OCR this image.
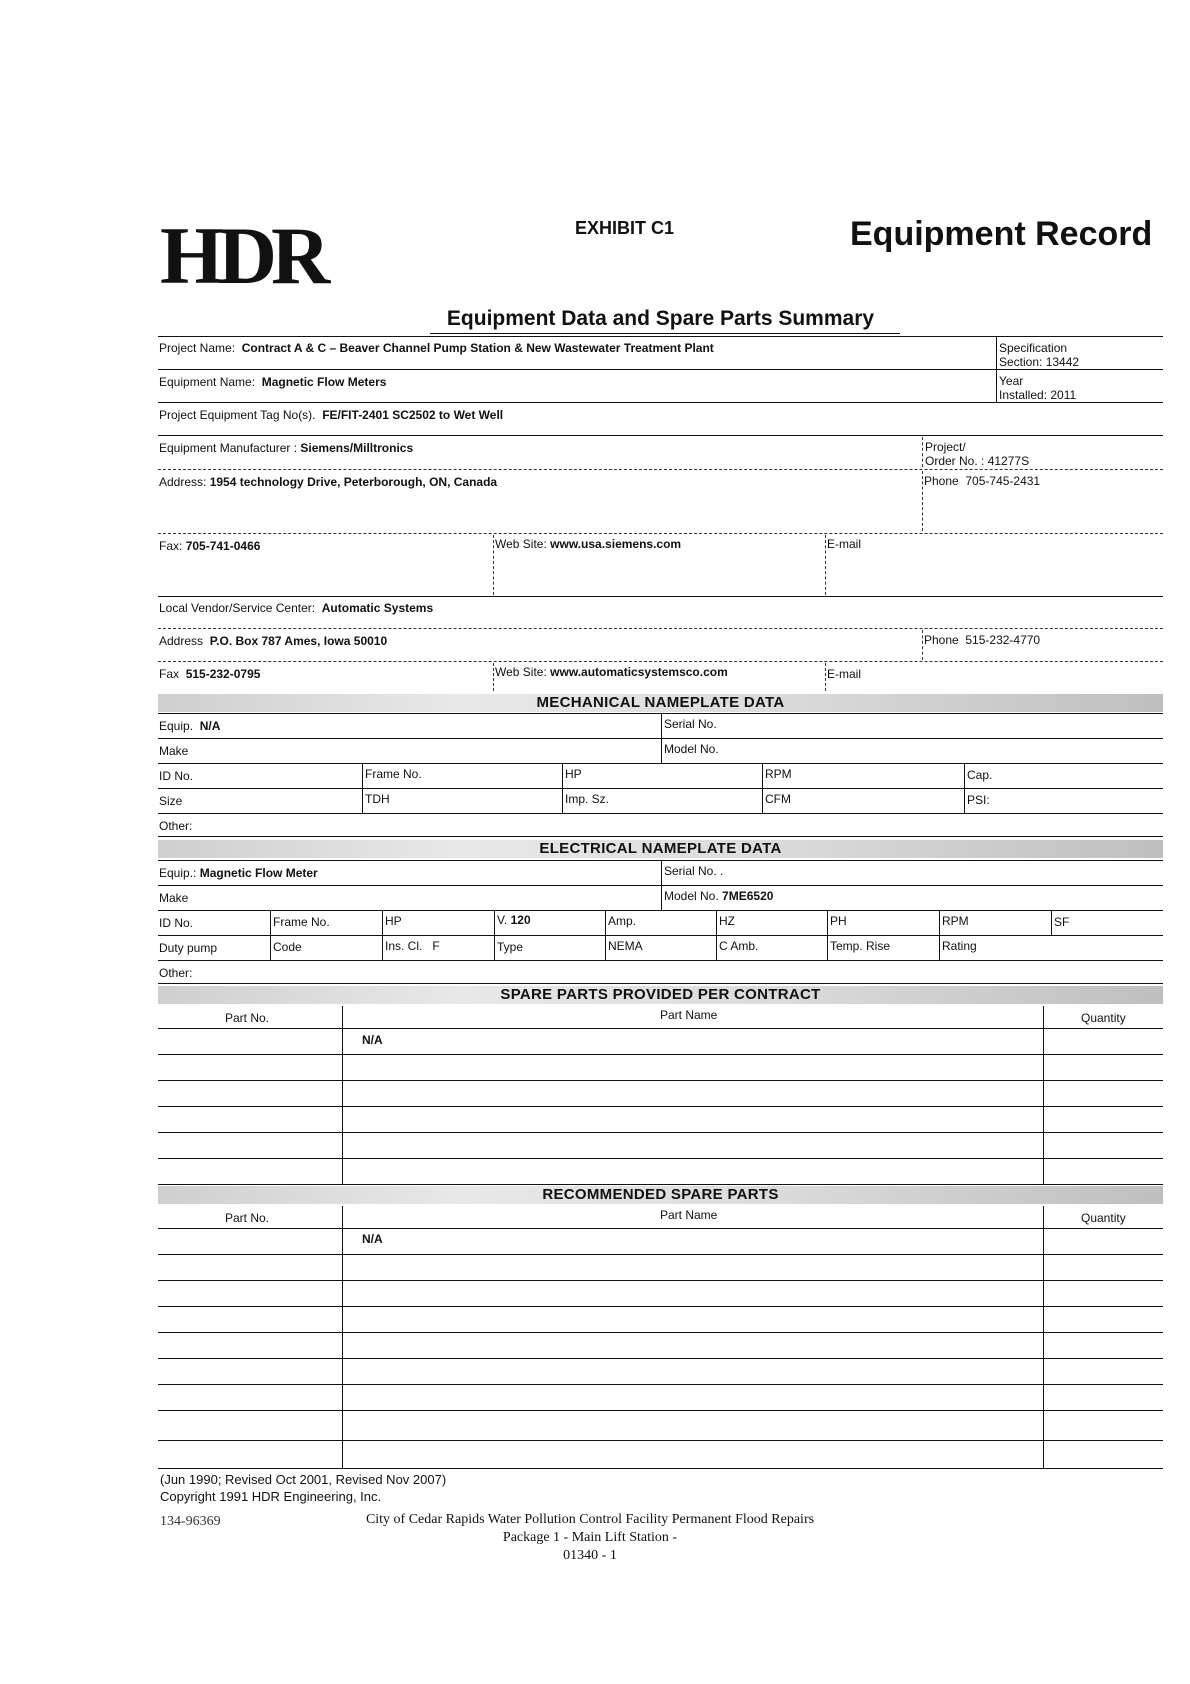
HDR	EXHIBIT C1	Equipment Record
Equipment Data and Spare Parts Summary
Project Name: Contract A & C – Beaver Channel Pump Station & New Wastewater Treatment Plant	Specification
Section: 13442
Equipment Name: Magnetic Flow Meters	Year
Installed: 2011
Project Equipment Tag No(s). FE/FIT-2401 SC2502 to Wet Well
Equipment Manufacturer : Siemens/Milltronics	Project/
Order No. : 41277S
Address: 1954 technology Drive, Peterborough, ON, Canada	Phone 705-745-2431
Fax: 705-741-0466	Web Site: www.usa.siemens.com	E-mail
Local Vendor/Service Center: Automatic Systems
Address P.O. Box 787 Ames, Iowa 50010	Phone 515-232-4770
Fax 515-232-0795	Web Site: www.automaticsystemsco.com	E-mail
MECHANICAL NAMEPLATE DATA
Equip. N/A	Serial No.
Make	Model No.
ID No.	Frame No.	HP	RPM	Cap.
Size	TDH	Imp. Sz.	CFM	PSI:
Other:
ELECTRICAL NAMEPLATE DATA
Equip.: Magnetic Flow Meter	Serial No. .
Make	Model No. 7ME6520
ID No.	Frame No.	HP	V. 120	Amp.	HZ	PH	RPM	SF
Duty pump	Code	Ins. Cl. F	Type	NEMA	C Amb.	Temp. Rise	Rating
Other:
SPARE PARTS PROVIDED PER CONTRACT
Part No.	Part Name	Quantity
N/A
RECOMMENDED SPARE PARTS
Part No.	Part Name	Quantity
N/A
(Jun 1990; Revised Oct 2001, Revised Nov 2007)
Copyright 1991 HDR Engineering, Inc.
134-96369	City of Cedar Rapids Water Pollution Control Facility Permanent Flood Repairs
Package 1 - Main Lift Station -
01340 - 1
